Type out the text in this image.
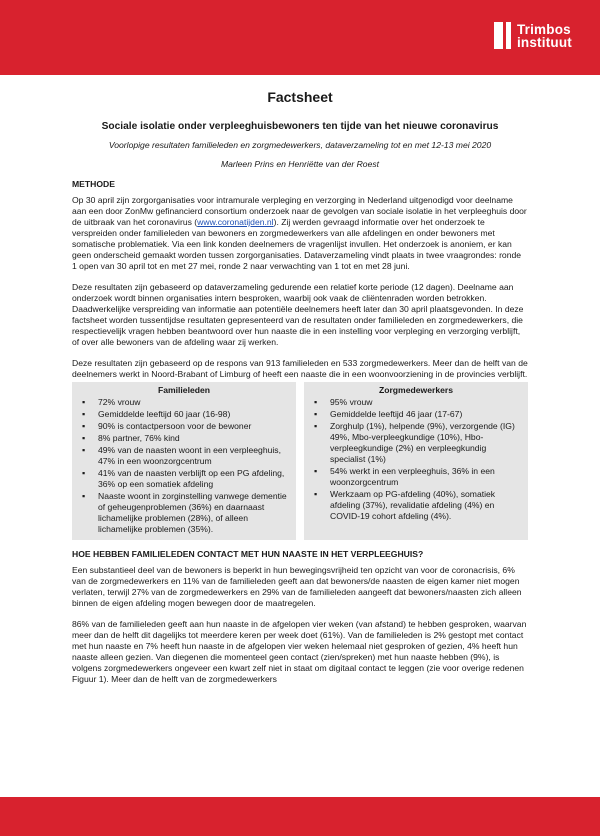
Trimbos
instituut
Factsheet
Sociale isolatie onder verpleeghuisbewoners ten tijde van het nieuwe coronavirus
Voorlopige resultaten familieleden en zorgmedewerkers, dataverzameling tot en met 12-13 mei 2020
Marleen Prins en Henriëtte van der Roest
METHODE

Op 30 april zijn zorgorganisaties voor intramurale verpleging en verzorging in Nederland uitgenodigd voor deelname aan een door ZonMw gefinancierd consortium onderzoek naar de gevolgen van sociale isolatie in het verpleeghuis door de uitbraak van het coronavirus (www.coronatijden.nl). Zij werden gevraagd informatie over het onderzoek te verspreiden onder familieleden van bewoners en zorgmedewerkers van alle afdelingen en onder bewoners met somatische problematiek. Via een link konden deelnemers de vragenlijst invullen. Het onderzoek is anoniem, er kan geen onderscheid gemaakt worden tussen zorgorganisaties. Dataverzameling vindt plaats in twee vraagrondes: ronde 1 open van 30 april tot en met 27 mei, ronde 2 naar verwachting van 1 tot en met 28 juni.

Deze resultaten zijn gebaseerd op dataverzameling gedurende een relatief korte periode (12 dagen). Deelname aan onderzoek wordt binnen organisaties intern besproken, waarbij ook vaak de cliëntenraden worden betrokken. Daadwerkelijke verspreiding van informatie aan potentiële deelnemers heeft later dan 30 april plaatsgevonden. In deze factsheet worden tussentijdse resultaten gepresenteerd van de resultaten onder familieleden en zorgmedewerkers, die respectievelijk vragen hebben beantwoord over hun naaste die in een instelling voor verpleging en verzorging verblijft, of over alle bewoners van de afdeling waar zij werken.

Deze resultaten zijn gebaseerd op de respons van 913 familieleden en 533 zorgmedewerkers. Meer dan de helft van de deelnemers werkt in Noord-Brabant of Limburg of heeft een naaste die in een woonvoorziening in de provincies verblijft.

Familieleden
▪ 72% vrouw
▪ Gemiddelde leeftijd 60 jaar (16-98)
▪ 90% is contactpersoon voor de bewoner
▪ 8% partner, 76% kind
▪ 49% van de naasten woont in een verpleeghuis, 47% in een woonzorgcentrum
▪ 41% van de naasten verblijft op een PG afdeling, 36% op een somatiek afdeling
▪ Naaste woont in zorginstelling vanwege dementie of geheugenproblemen (36%) en daarnaast lichamelijke problemen (28%), of alleen lichamelijke problemen (35%).
Zorgmedewerkers
▪ 95% vrouw
▪ Gemiddelde leeftijd 46 jaar (17-67)
▪ Zorghulp (1%), helpende (9%), verzorgende (IG) 49%, Mbo-verpleegkundige (10%), Hbo-verpleegkundige (2%) en verpleegkundig specialist (1%)
▪ 54% werkt in een verpleeghuis, 36% in een woonzorgcentrum
▪ Werkzaam op PG-afdeling (40%), somatiek afdeling (37%), revalidatie afdeling (4%) en COVID-19 cohort afdeling (4%).
HOE HEBBEN FAMILIELEDEN CONTACT MET HUN NAASTE IN HET VERPLEEGHUIS?

Een substantieel deel van de bewoners is beperkt in hun bewegingsvrijheid ten opzicht van voor de coronacrisis, 6% van de zorgmedewerkers en 11% van de familieleden geeft aan dat bewoners/de naasten de eigen kamer niet mogen verlaten, terwijl 27% van de zorgmedewerkers en 29% van de familieleden aangeeft dat bewoners/naasten zich alleen binnen de eigen afdeling mogen bewegen door de maatregelen.

86% van de familieleden geeft aan hun naaste in de afgelopen vier weken (van afstand) te hebben gesproken, waarvan meer dan de helft dit dagelijks tot meerdere keren per week doet (61%). Van de familieleden is 2% gestopt met contact met hun naaste en 7% heeft hun naaste in de afgelopen vier weken helemaal niet gesproken of gezien, 4% heeft hun naaste alleen gezien. Van diegenen die momenteel geen contact (zien/spreken) met hun naaste hebben (9%), is volgens zorgmedewerkers ongeveer een kwart zelf niet in staat om digitaal contact te leggen (zie voor overige redenen Figuur 1). Meer dan de helft van de zorgmedewerkers
